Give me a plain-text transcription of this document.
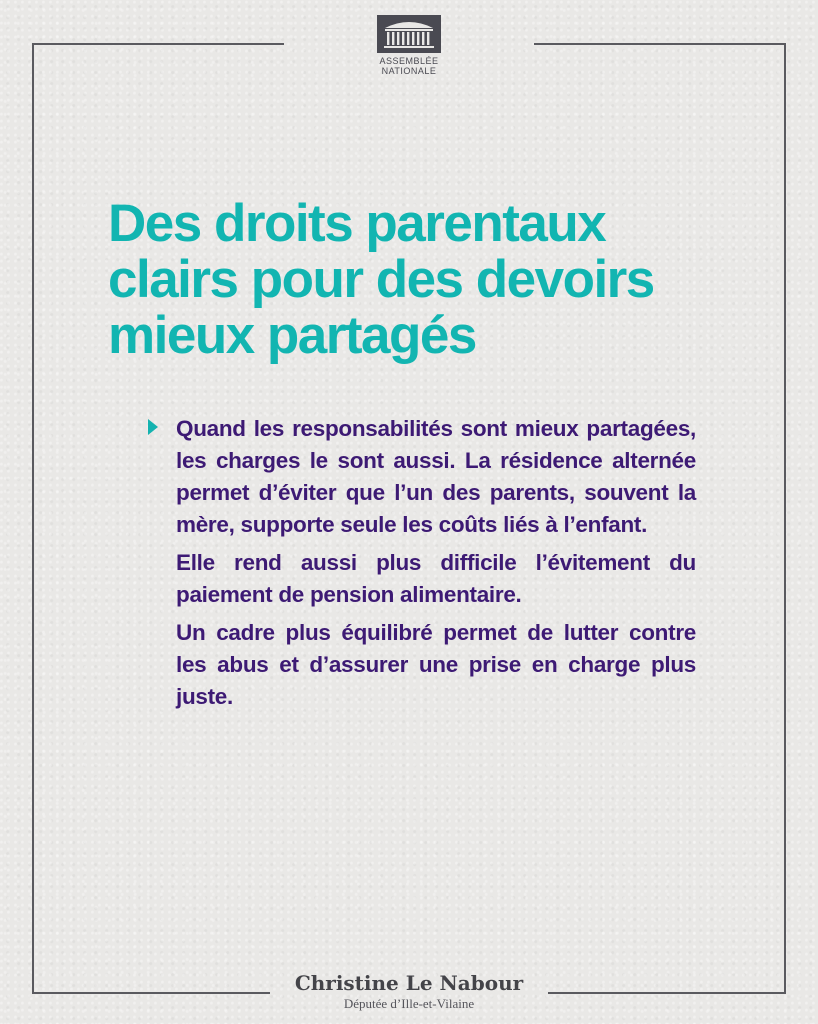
ASSEMBLÉE
NATIONALE
Des droits parentaux
clairs pour des devoirs
mieux partagés

Quand les responsabilités sont mieux partagées, les charges le sont aussi. La résidence alternée permet d’éviter que l’un des parents, souvent la mère, supporte seule les coûts liés à l’enfant.

Elle rend aussi plus difficile l’évitement du paiement de pension alimentaire.

Un cadre plus équilibré permet de lutter contre les abus et d’assurer une prise en charge plus juste.

Christine Le Nabour
Députée d’Ille-et-Vilaine
